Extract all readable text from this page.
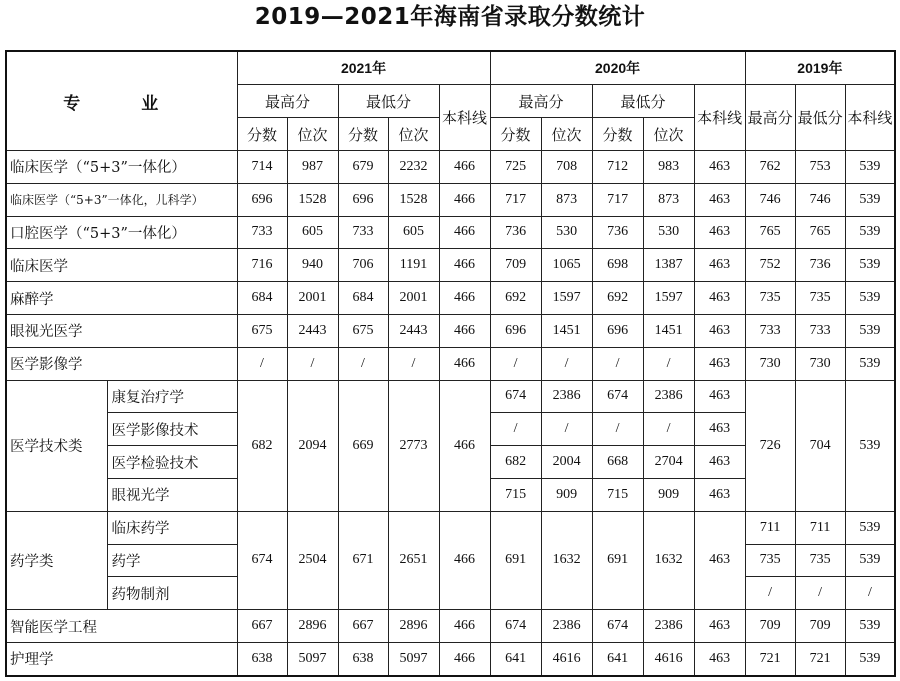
2019—2021年海南省录取分数统计
专　业		2021年					2020年					2019年		
		最高分		最低分		本科线	最高分		最低分		本科线	最高分	最低分	本科线
		分数	位次	分数	位次		分数	位次	分数	位次				
临床医学（“5+3”一体化）		714	987	679	2232	466	725	708	712	983	463	762	753	539
临床医学（“5+3”一体化，儿科学）		696	1528	696	1528	466	717	873	717	873	463	746	746	539
口腔医学（“5+3”一体化）		733	605	733	605	466	736	530	736	530	463	765	765	539
临床医学		716	940	706	1191	466	709	1065	698	1387	463	752	736	539
麻醉学		684	2001	684	2001	466	692	1597	692	1597	463	735	735	539
眼视光医学		675	2443	675	2443	466	696	1451	696	1451	463	733	733	539
医学影像学		/	/	/	/	466	/	/	/	/	463	730	730	539
医学技术类	康复治疗学	682	2094	669	2773	466	674	2386	674	2386	463	726	704	539
	医学影像技术						/	/	/	/	463			
	医学检验技术						682	2004	668	2704	463			
	眼视光学						715	909	715	909	463			
药学类	临床药学	674	2504	671	2651	466	691	1632	691	1632	463	711	711	539
	药学											735	735	539
	药物制剂											/	/	/
智能医学工程		667	2896	667	2896	466	674	2386	674	2386	463	709	709	539
护理学		638	5097	638	5097	466	641	4616	641	4616	463	721	721	539
